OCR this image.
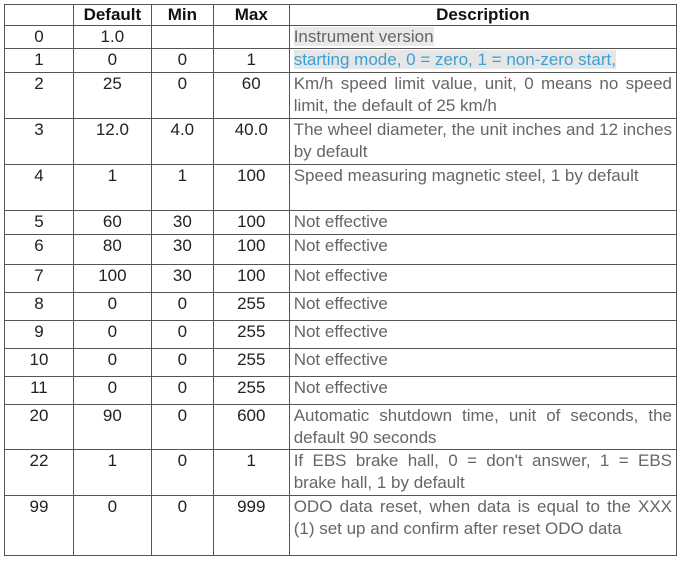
	Default	Min	Max	Description
0	1.0			Instrument version
1	0	0	1	starting mode, 0 = zero, 1 = non-zero start,
2	25	0	60	Km/h speed limit value, unit, 0 means no speed limit, the default of 25 km/h
3	12.0	4.0	40.0	The wheel diameter, the unit inches and 12 inches by default
4	1	1	100	Speed measuring magnetic steel, 1 by default
5	60	30	100	Not effective
6	80	30	100	Not effective
7	100	30	100	Not effective
8	0	0	255	Not effective
9	0	0	255	Not effective
10	0	0	255	Not effective
11	0	0	255	Not effective
20	90	0	600	Automatic shutdown time, unit of seconds, the default 90 seconds
22	1	0	1	If EBS brake hall, 0 = don't answer, 1 = EBS brake hall, 1 by default
99	0	0	999	ODO data reset, when data is equal to the XXX (1) set up and confirm after reset ODO data
